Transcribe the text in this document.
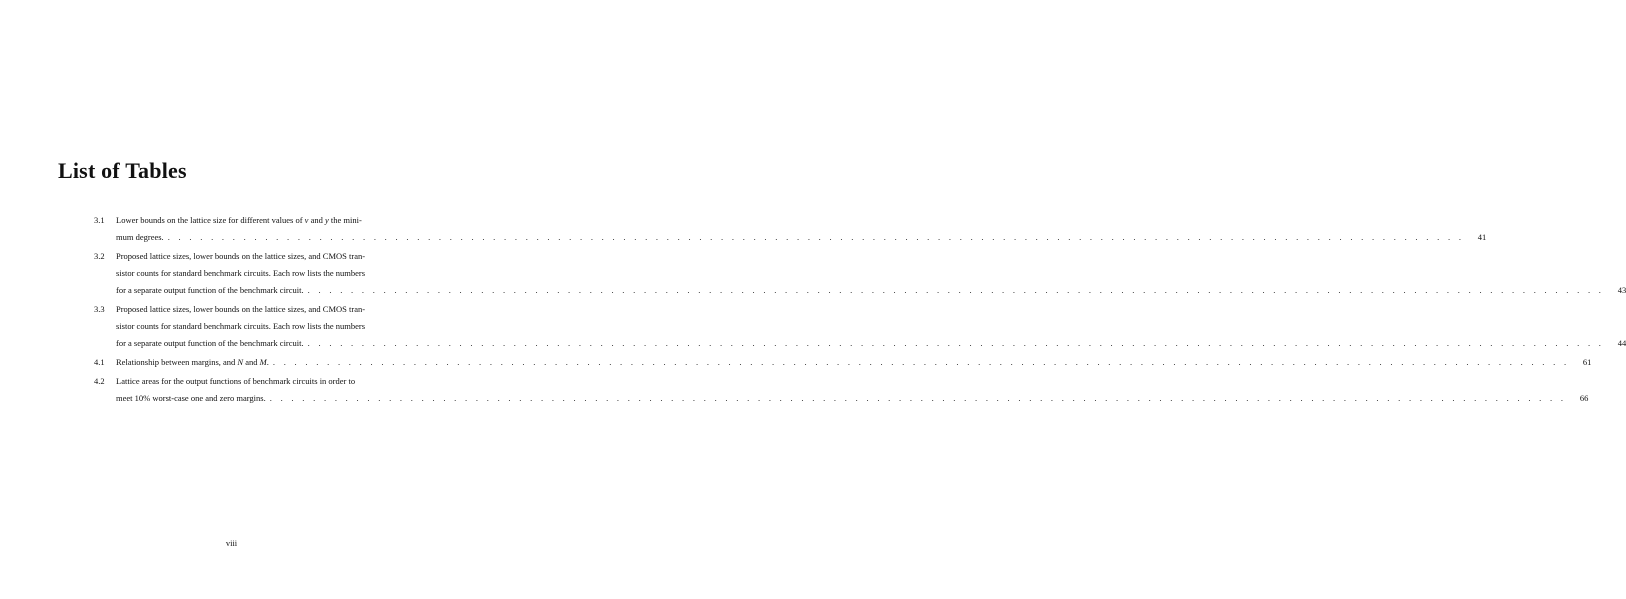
List of Tables
3.1 Lower bounds on the lattice size for different values of v and y the mini-
mum degrees. . . . . . . . . . . . . . . . . . . . . . . . . . . . . . . . . . . . . . . . . . . . . . . . . . . . . . . . . . . . . . . . . . . . . . . . . . . . . . . . . . . . . . . . . . . . . . . . . . . . . . . . . . . . . . . . . . . . . . . . .	41
3.2 Proposed lattice sizes, lower bounds on the lattice sizes, and CMOS tran-
sistor counts for standard benchmark circuits. Each row lists the numbers
for a separate output function of the benchmark circuit. . . . . . . . . . . . . . . . . . . . . . . . . . . . . . . . . . . . . . . . . . . . . . . . . . . . . . . . . . . . . . . . . . . . . . . . . . . . . . . . . . . . . . . . . . . . . . . . . . . . . . . . . . . . . . . . . . . . . . . . .	43
3.3 Proposed lattice sizes, lower bounds on the lattice sizes, and CMOS tran-
sistor counts for standard benchmark circuits. Each row lists the numbers
for a separate output function of the benchmark circuit. . . . . . . . . . . . . . . . . . . . . . . . . . . . . . . . . . . . . . . . . . . . . . . . . . . . . . . . . . . . . . . . . . . . . . . . . . . . . . . . . . . . . . . . . . . . . . . . . . . . . . . . . . . . . . . . . . . . . . . . .	44
4.1 Relationship between margins, and N and M. . . . . . . . . . . . . . . . . . . . . . . . . . . . . . . . . . . . . . . . . . . . . . . . . . . . . . . . . . . . . . . . . . . . . . . . . . . . . . . . . . . . . . . . . . . . . . . . . . . . . . . . . . . . . . . . . . . . . . . . .	61
4.2 Lattice areas for the output functions of benchmark circuits in order to
meet 10% worst-case one and zero margins. . . . . . . . . . . . . . . . . . . . . . . . . . . . . . . . . . . . . . . . . . . . . . . . . . . . . . . . . . . . . . . . . . . . . . . . . . . . . . . . . . . . . . . . . . . . . . . . . . . . . . . . . . . . . . . . . . . . . . . . .	66
viii
